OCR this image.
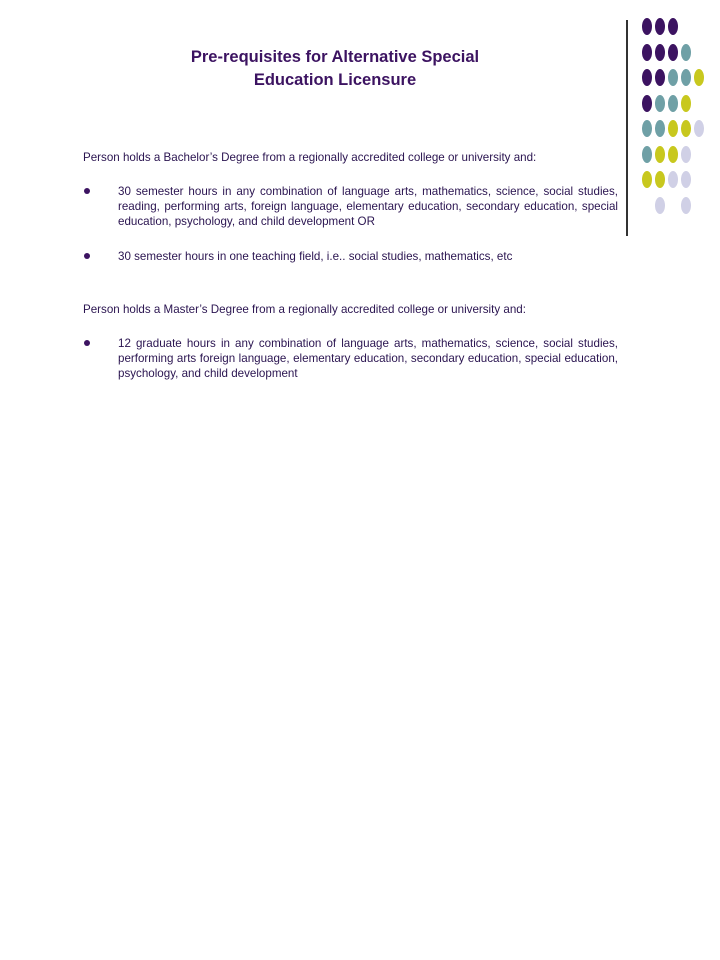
Pre-requisites for Alternative Special
Education Licensure
Person holds a Bachelor’s Degree from a regionally accredited college or university and:
30 semester hours in any combination of language arts, mathematics, science, social studies, reading, performing arts, foreign language, elementary education, secondary education, special education, psychology, and child development OR
30 semester hours in one teaching field, i.e.. social studies, mathematics, etc
Person holds a Master’s Degree from a regionally accredited college or university and:
12 graduate hours in any combination of language arts, mathematics, science, social studies, performing arts foreign language, elementary education, secondary education, special education, psychology, and child development
